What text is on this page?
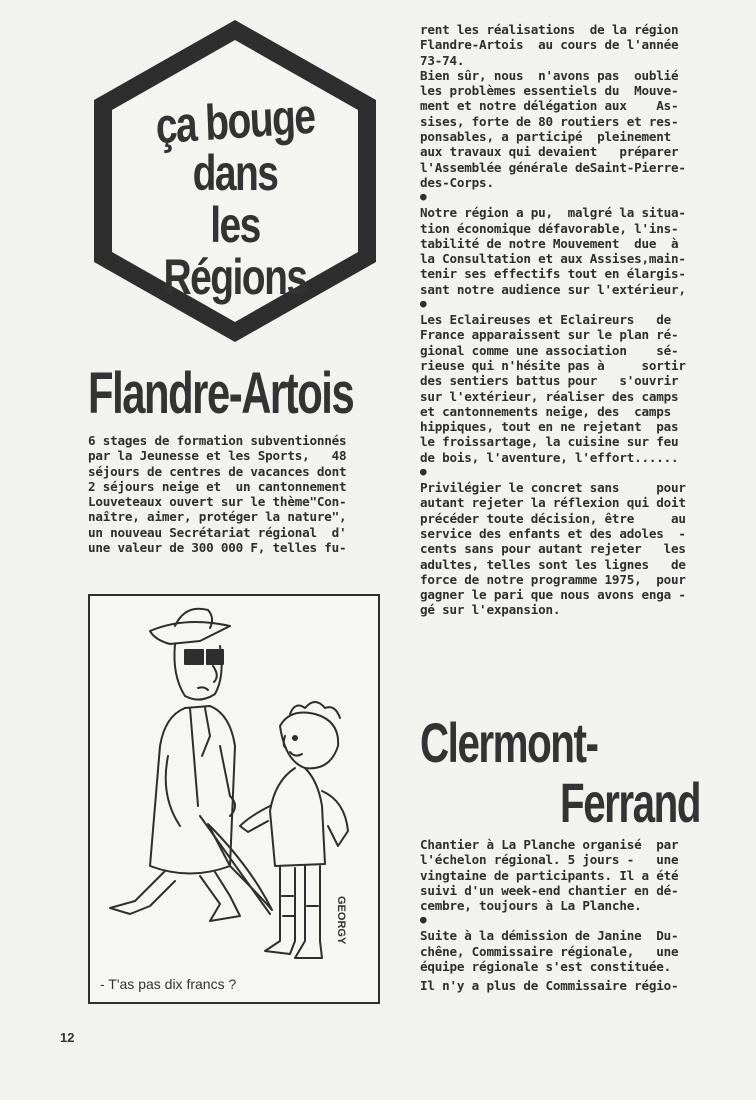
ça bouge
dans
les Régions
Flandre-Artois
6 stages de formation subventionnés
par la Jeunesse et les Sports,   48
séjours de centres de vacances dont
2 séjours neige et  un cantonnement
Louveteaux ouvert sur le thème"Con-
naître, aimer, protéger la nature",
un nouveau Secrétariat régional  d'
une valeur de 300 000 F, telles fu-
GEORGY
- T'as pas dix francs ?
rent les réalisations  de la région
Flandre-Artois  au cours de l'année
73-74.
Bien sûr, nous  n'avons pas  oublié
les problèmes essentiels du  Mouve-
ment et notre délégation aux    As-
sises, forte de 80 routiers et res-
ponsables, a participé  pleinement
aux travaux qui devaient   préparer
l'Assemblée générale deSaint-Pierre-
des-Corps.
●
Notre région a pu,  malgré la situa-
tion économique défavorable, l'ins-
tabilité de notre Mouvement  due  à
la Consultation et aux Assises,main-
tenir ses effectifs tout en élargis-
sant notre audience sur l'extérieur,
●
Les Eclaireuses et Eclaireurs   de
France apparaissent sur le plan ré-
gional comme une association    sé-
rieuse qui n'hésite pas à     sortir
des sentiers battus pour   s'ouvrir
sur l'extérieur, réaliser des camps
et cantonnements neige, des  camps
hippiques, tout en ne rejetant  pas
le froissartage, la cuisine sur feu
de bois, l'aventure, l'effort......
●
Privilégier le concret sans     pour
autant rejeter la réflexion qui doit
précéder toute décision, être     au
service des enfants et des adoles  -
cents sans pour autant rejeter   les
adultes, telles sont les lignes   de
force de notre programme 1975,  pour
gagner le pari que nous avons enga -
gé sur l'expansion.
Clermont-
Ferrand
Chantier à La Planche organisé  par
l'échelon régional. 5 jours -   une
vingtaine de participants. Il a été
suivi d'un week-end chantier en dé-
cembre, toujours à La Planche.
●
Suite à la démission de Janine  Du-
chêne, Commissaire régionale,   une
équipe régionale s'est constituée.
Il n'y a plus de Commissaire régio-
12
